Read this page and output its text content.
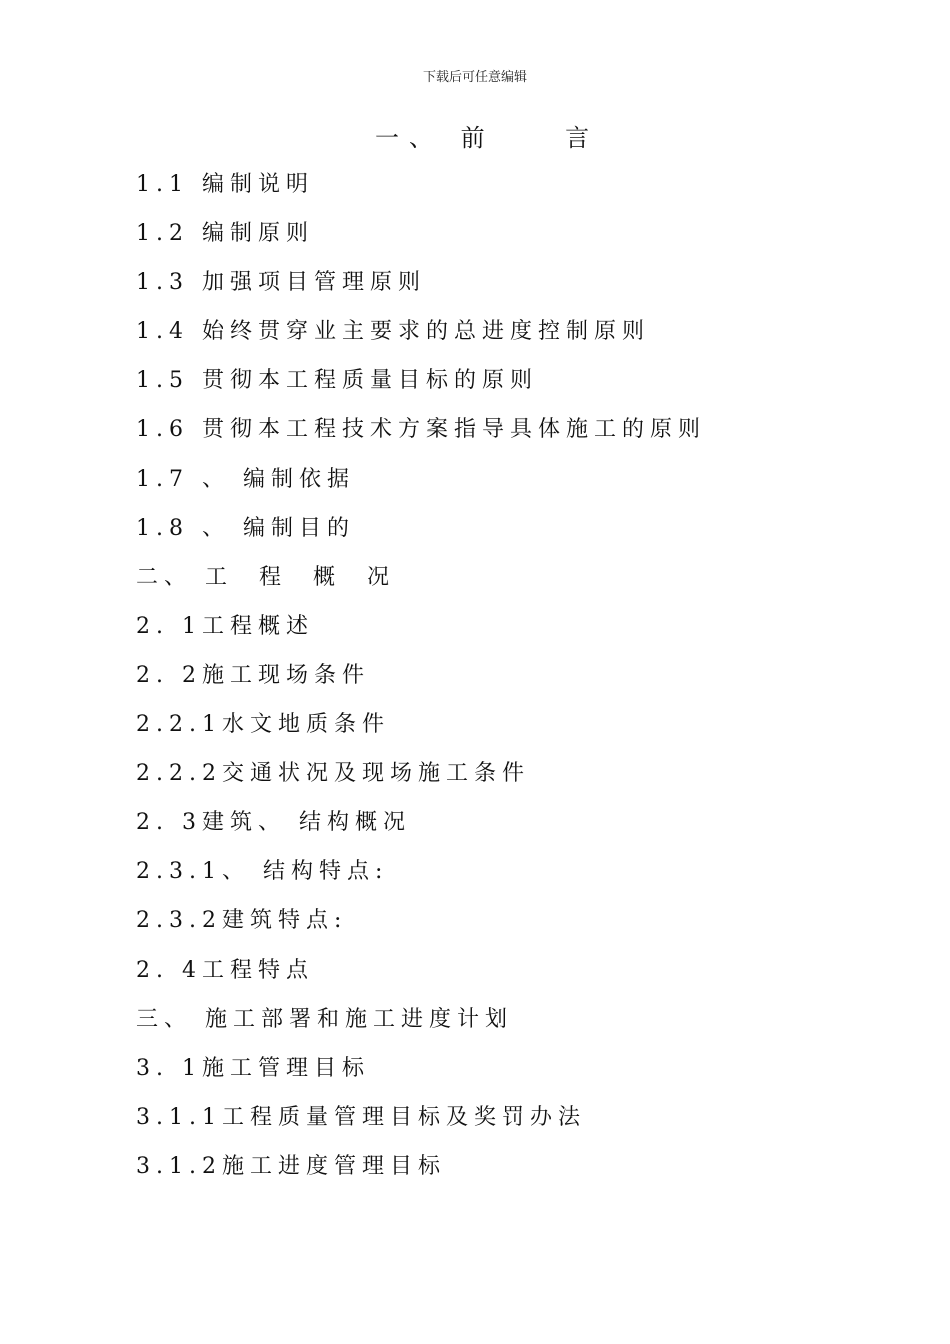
下载后可任意编辑
一、 前    言
1.1 编制说明
1.2 编制原则
1.3 加强项目管理原则
1.4 始终贯穿业主要求的总进度控制原则
1.5 贯彻本工程质量目标的原则
1.6 贯彻本工程技术方案指导具体施工的原则
1.7 、 编制依据
1.8 、 编制目的
二、 工  程  概  况
2. 1工程概述
2. 2施工现场条件
2.2.1水文地质条件
2.2.2交通状况及现场施工条件
2. 3建筑、 结构概况
2.3.1、 结构特点:
2.3.2建筑特点:
2. 4工程特点
三、 施工部署和施工进度计划
3. 1施工管理目标
3.1.1工程质量管理目标及奖罚办法
3.1.2施工进度管理目标
